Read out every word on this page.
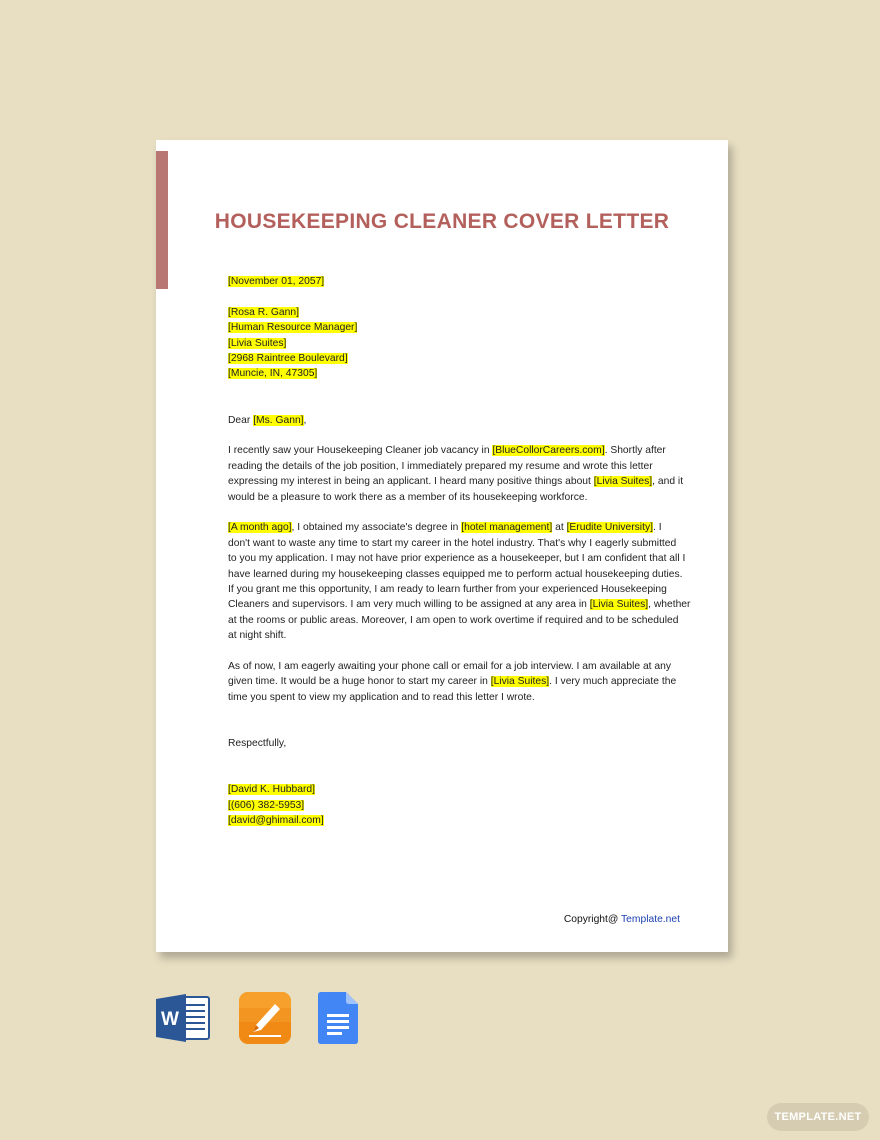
HOUSEKEEPING CLEANER COVER LETTER
[November 01, 2057]
[Rosa R. Gann]
[Human Resource Manager]
[Livia Suites]
[2968 Raintree Boulevard]
[Muncie, IN, 47305]
Dear [Ms. Gann],
I recently saw your Housekeeping Cleaner job vacancy in [BlueCollorCareers.com]. Shortly after
reading the details of the job position, I immediately prepared my resume and wrote this letter
expressing my interest in being an applicant. I heard many positive things about [Livia Suites], and it
would be a pleasure to work there as a member of its housekeeping workforce.
[A month ago], I obtained my associate's degree in [hotel management] at [Erudite University]. I
don't want to waste any time to start my career in the hotel industry. That's why I eagerly submitted
to you my application. I may not have prior experience as a housekeeper, but I am confident that all I
have learned during my housekeeping classes equipped me to perform actual housekeeping duties.
If you grant me this opportunity, I am ready to learn further from your experienced Housekeeping
Cleaners and supervisors. I am very much willing to be assigned at any area in [Livia Suites], whether
at the rooms or public areas. Moreover, I am open to work overtime if required and to be scheduled
at night shift.
As of now, I am eagerly awaiting your phone call or email for a job interview. I am available at any
given time. It would be a huge honor to start my career in [Livia Suites]. I very much appreciate the
time you spent to view my application and to read this letter I wrote.
Respectfully,
[David K. Hubbard]
[(606) 382-5953]
[david@ghimail.com]
Copyright@ Template.net
W
TEMPLATE.NET
